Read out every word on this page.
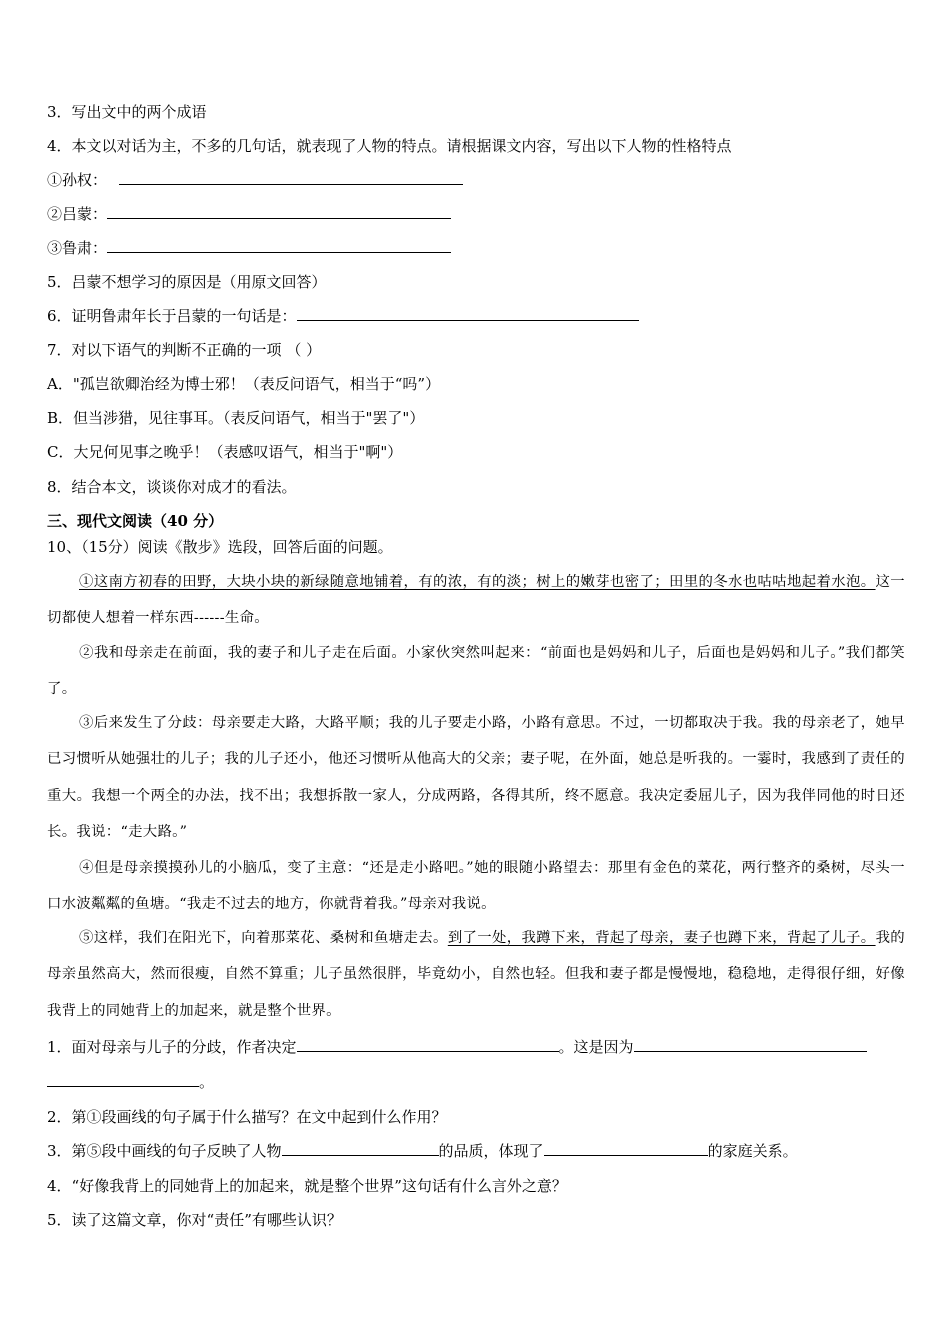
3．写出文中的两个成语
4．本文以对话为主，不多的几句话，就表现了人物的特点。请根据课文内容，写出以下人物的性格特点
①孙权：
②吕蒙：
③鲁肃：
5．吕蒙不想学习的原因是（用原文回答）
6．证明鲁肃年长于吕蒙的一句话是：
7．对以下语气的判断不正确的一项 （ ）
A．"孤岂欲卿治经为博士邪！（表反问语气，相当于“吗”）
B．但当涉猎，见往事耳。（表反问语气，相当于"罢了"）
C．大兄何见事之晚乎！（表感叹语气，相当于"啊"）
8．结合本文，谈谈你对成才的看法。
三、现代文阅读（40 分）
10、（15分）阅读《散步》选段，回答后面的问题。
①这南方初春的田野，大块小块的新绿随意地铺着，有的浓，有的淡；树上的嫩芽也密了；田里的冬水也咕咕地起着水泡。这一切都使人想着一样东西------生命。
②我和母亲走在前面，我的妻子和儿子走在后面。小家伙突然叫起来：“前面也是妈妈和儿子，后面也是妈妈和儿子。”我们都笑了。
③后来发生了分歧：母亲要走大路，大路平顺；我的儿子要走小路，小路有意思。不过，一切都取决于我。我的母亲老了，她早已习惯听从她强壮的儿子；我的儿子还小，他还习惯听从他高大的父亲；妻子呢，在外面，她总是听我的。一霎时，我感到了责任的重大。我想一个两全的办法，找不出；我想拆散一家人，分成两路，各得其所，终不愿意。我决定委屈儿子，因为我伴同他的时日还长。我说：“走大路。”
④但是母亲摸摸孙儿的小脑瓜，变了主意：“还是走小路吧。”她的眼随小路望去：那里有金色的菜花，两行整齐的桑树，尽头一口水波粼粼的鱼塘。“我走不过去的地方，你就背着我。”母亲对我说。
⑤这样，我们在阳光下，向着那菜花、桑树和鱼塘走去。到了一处，我蹲下来，背起了母亲，妻子也蹲下来，背起了儿子。我的母亲虽然高大，然而很瘦，自然不算重；儿子虽然很胖，毕竟幼小，自然也轻。但我和妻子都是慢慢地，稳稳地，走得很仔细，好像我背上的同她背上的加起来，就是整个世界。
1．面对母亲与儿子的分歧，作者决定	。这是因为
。
2．第①段画线的句子属于什么描写？在文中起到什么作用？
3．第⑤段中画线的句子反映了人物	的品质，体现了	的家庭关系。
4．“好像我背上的同她背上的加起来，就是整个世界”这句话有什么言外之意？
5．读了这篇文章，你对“责任”有哪些认识？
